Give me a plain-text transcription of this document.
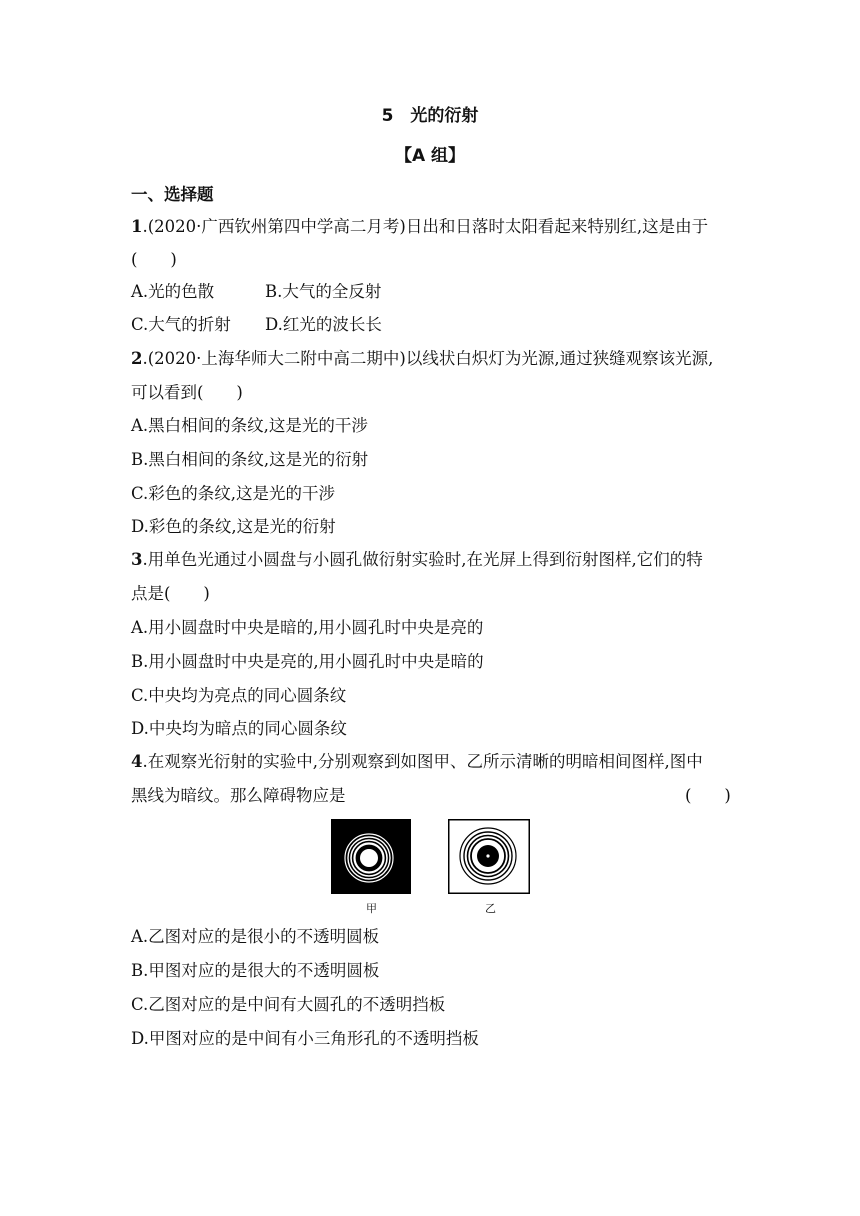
5　光的衍射
【A 组】
一、选择题
1.(2020·广西钦州第四中学高二月考)日出和日落时太阳看起来特别红,这是由于
(　　)
A.光的色散	B.大气的全反射
C.大气的折射 D.红光的波长长
2.(2020·上海华师大二附中高二期中)以线状白炽灯为光源,通过狭缝观察该光源,
可以看到(　　)
A.黑白相间的条纹,这是光的干涉
B.黑白相间的条纹,这是光的衍射
C.彩色的条纹,这是光的干涉
D.彩色的条纹,这是光的衍射
3.用单色光通过小圆盘与小圆孔做衍射实验时,在光屏上得到衍射图样,它们的特
点是(　　)
A.用小圆盘时中央是暗的,用小圆孔时中央是亮的
B.用小圆盘时中央是亮的,用小圆孔时中央是暗的
C.中央均为亮点的同心圆条纹
D.中央均为暗点的同心圆条纹
4.在观察光衍射的实验中,分别观察到如图甲、乙所示清晰的明暗相间图样,图中
黑线为暗纹。那么障碍物应是	(　　)
甲	乙
A.乙图对应的是很小的不透明圆板
B.甲图对应的是很大的不透明圆板
C.乙图对应的是中间有大圆孔的不透明挡板
D.甲图对应的是中间有小三角形孔的不透明挡板
